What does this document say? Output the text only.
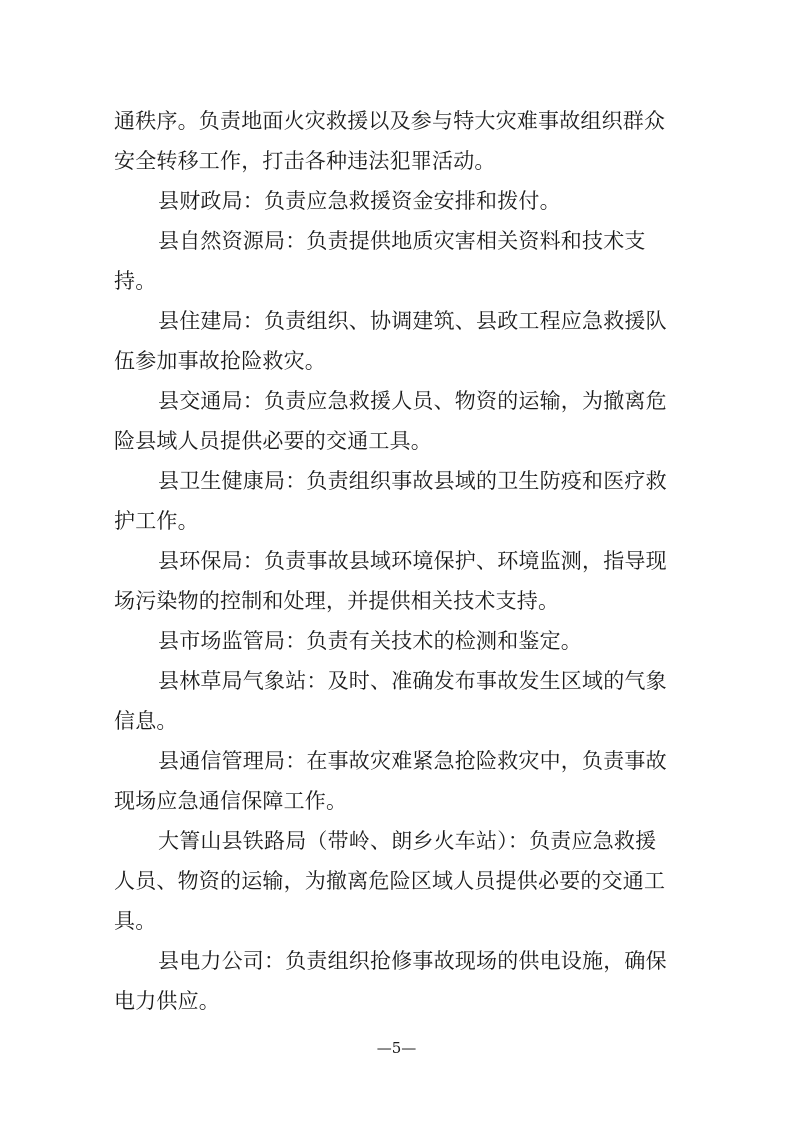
通秩序。负责地面火灾救援以及参与特大灾难事故组织群众
安全转移工作，打击各种违法犯罪活动。
县财政局：负责应急救援资金安排和拨付。
县自然资源局：负责提供地质灾害相关资料和技术支
持。
县住建局：负责组织、协调建筑、县政工程应急救援队
伍参加事故抢险救灾。
县交通局：负责应急救援人员、物资的运输，为撤离危
险县域人员提供必要的交通工具。
县卫生健康局：负责组织事故县域的卫生防疫和医疗救
护工作。
县环保局：负责事故县域环境保护、环境监测，指导现
场污染物的控制和处理，并提供相关技术支持。
县市场监管局：负责有关技术的检测和鉴定。
县林草局气象站：及时、准确发布事故发生区域的气象
信息。
县通信管理局：在事故灾难紧急抢险救灾中，负责事故
现场应急通信保障工作。
大箐山县铁路局（带岭、朗乡火车站）：负责应急救援
人员、物资的运输，为撤离危险区域人员提供必要的交通工
具。
县电力公司：负责组织抢修事故现场的供电设施，确保
电力供应。
—5—
